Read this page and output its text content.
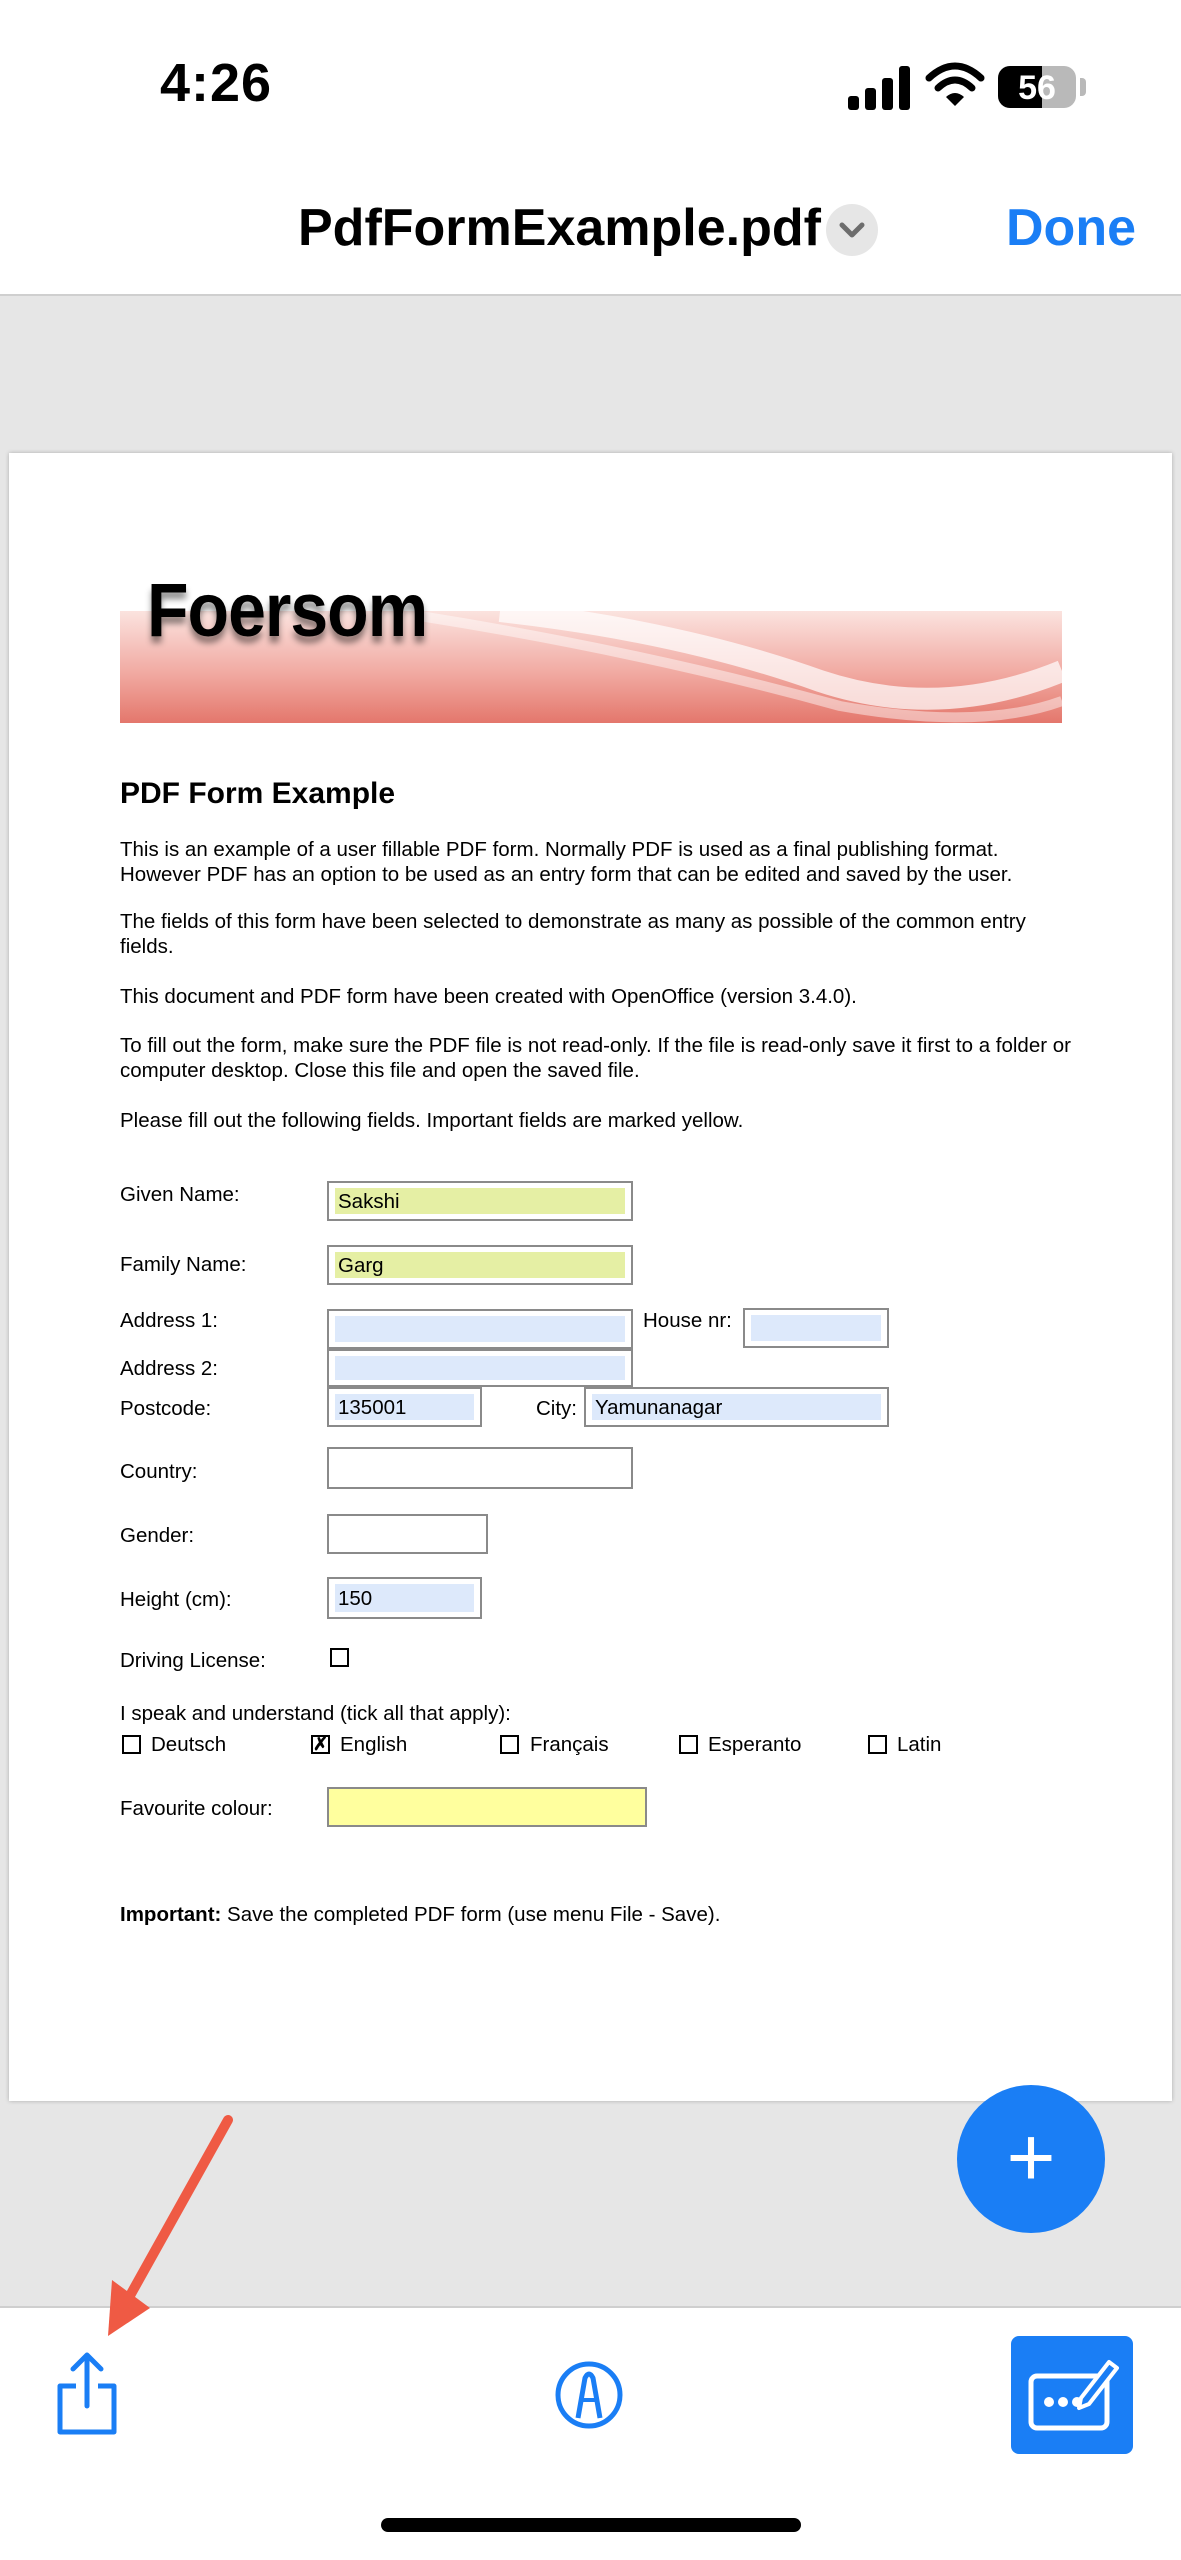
4:26	56
PdfFormExample.pdf	Done
Foersom
PDF Form Example
This is an example of a user fillable PDF form. Normally PDF is used as a final publishing format. However PDF has an option to be used as an entry form that can be edited and saved by the user.
The fields of this form have been selected to demonstrate as many as possible of the common entry fields.
This document and PDF form have been created with OpenOffice (version 3.4.0).
To fill out the form, make sure the PDF file is not read-only. If the file is read-only save it first to a folder or computer desktop. Close this file and open the saved file.
Please fill out the following fields. Important fields are marked yellow.
Given Name:	Sakshi
Family Name:	Garg
Address 1:	House nr:
Address 2:
Postcode:	135001	City: Yamunanagar
Country:
Gender:
Height (cm):	150
Driving License:
I speak and understand (tick all that apply):
Deutsch	✗ English	Français	Esperanto	Latin
Favourite colour:
Important: Save the completed PDF form (use menu File - Save).
+
